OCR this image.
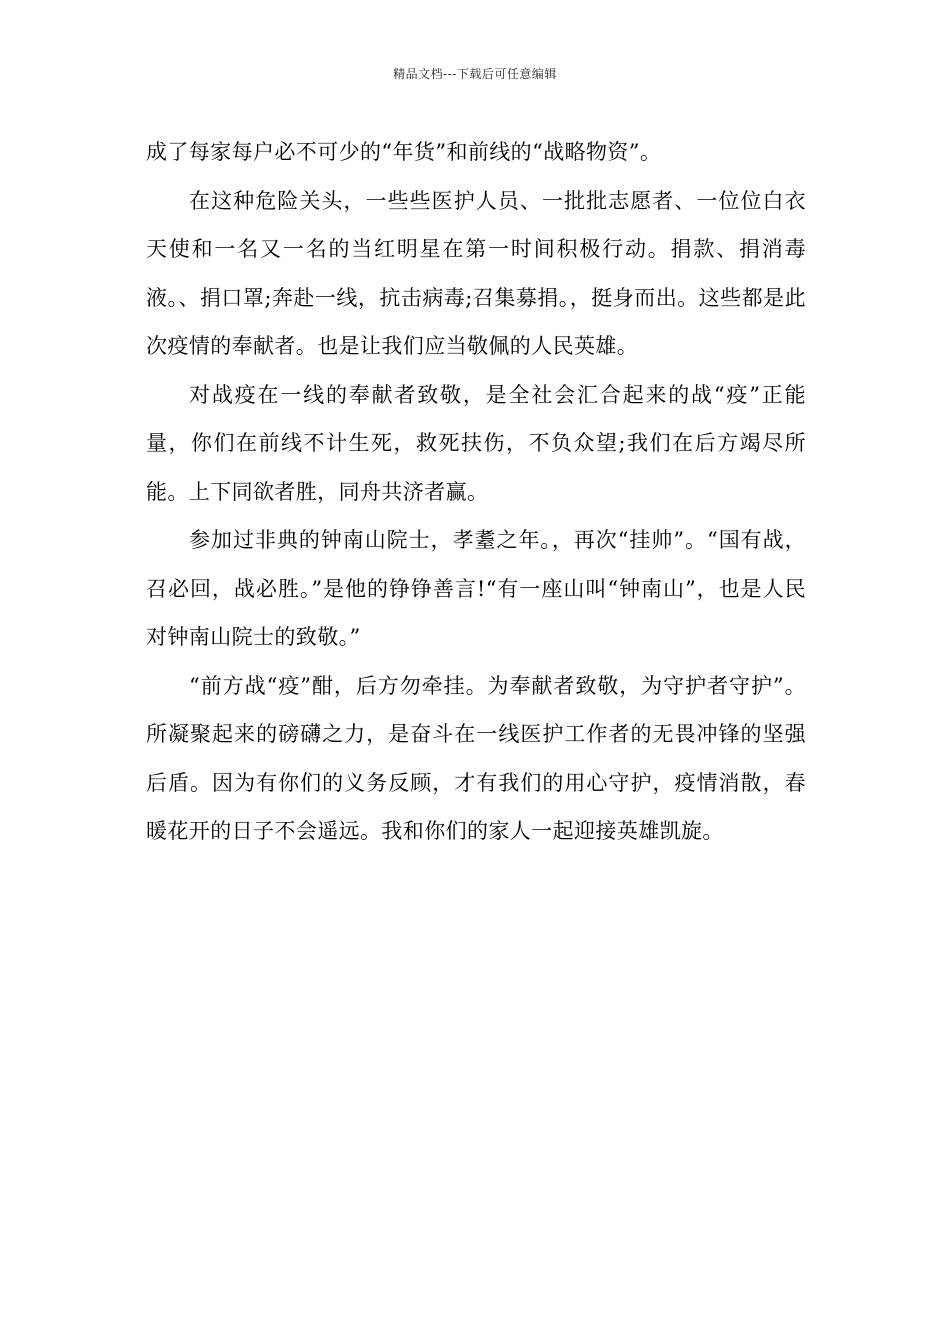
精品文档---下载后可任意编辑

成了每家每户必不可少的“年货”和前线的“战略物资”。

在这种危险关头，一些些医护人员、一批批志愿者、一位位白衣天使和一名又一名的当红明星在第一时间积极行动。捐款、捐消毒液。、捐口罩;奔赴一线，抗击病毒;召集募捐。，挺身而出。这些都是此次疫情的奉献者。也是让我们应当敬佩的人民英雄。

对战疫在一线的奉献者致敬，是全社会汇合起来的战“疫”正能量，你们在前线不计生死，救死扶伤，不负众望;我们在后方竭尽所能。上下同欲者胜，同舟共济者赢。

参加过非典的钟南山院士，孝耋之年。，再次“挂帅”。“国有战，召必回，战必胜。”是他的铮铮善言!“有一座山叫“钟南山”，也是人民对钟南山院士的致敬。”

“前方战“疫”酣，后方勿牵挂。为奉献者致敬，为守护者守护”。所凝聚起来的磅礴之力，是奋斗在一线医护工作者的无畏冲锋的坚强后盾。因为有你们的义务反顾，才有我们的用心守护，疫情消散，春暖花开的日子不会遥远。我和你们的家人一起迎接英雄凯旋。
